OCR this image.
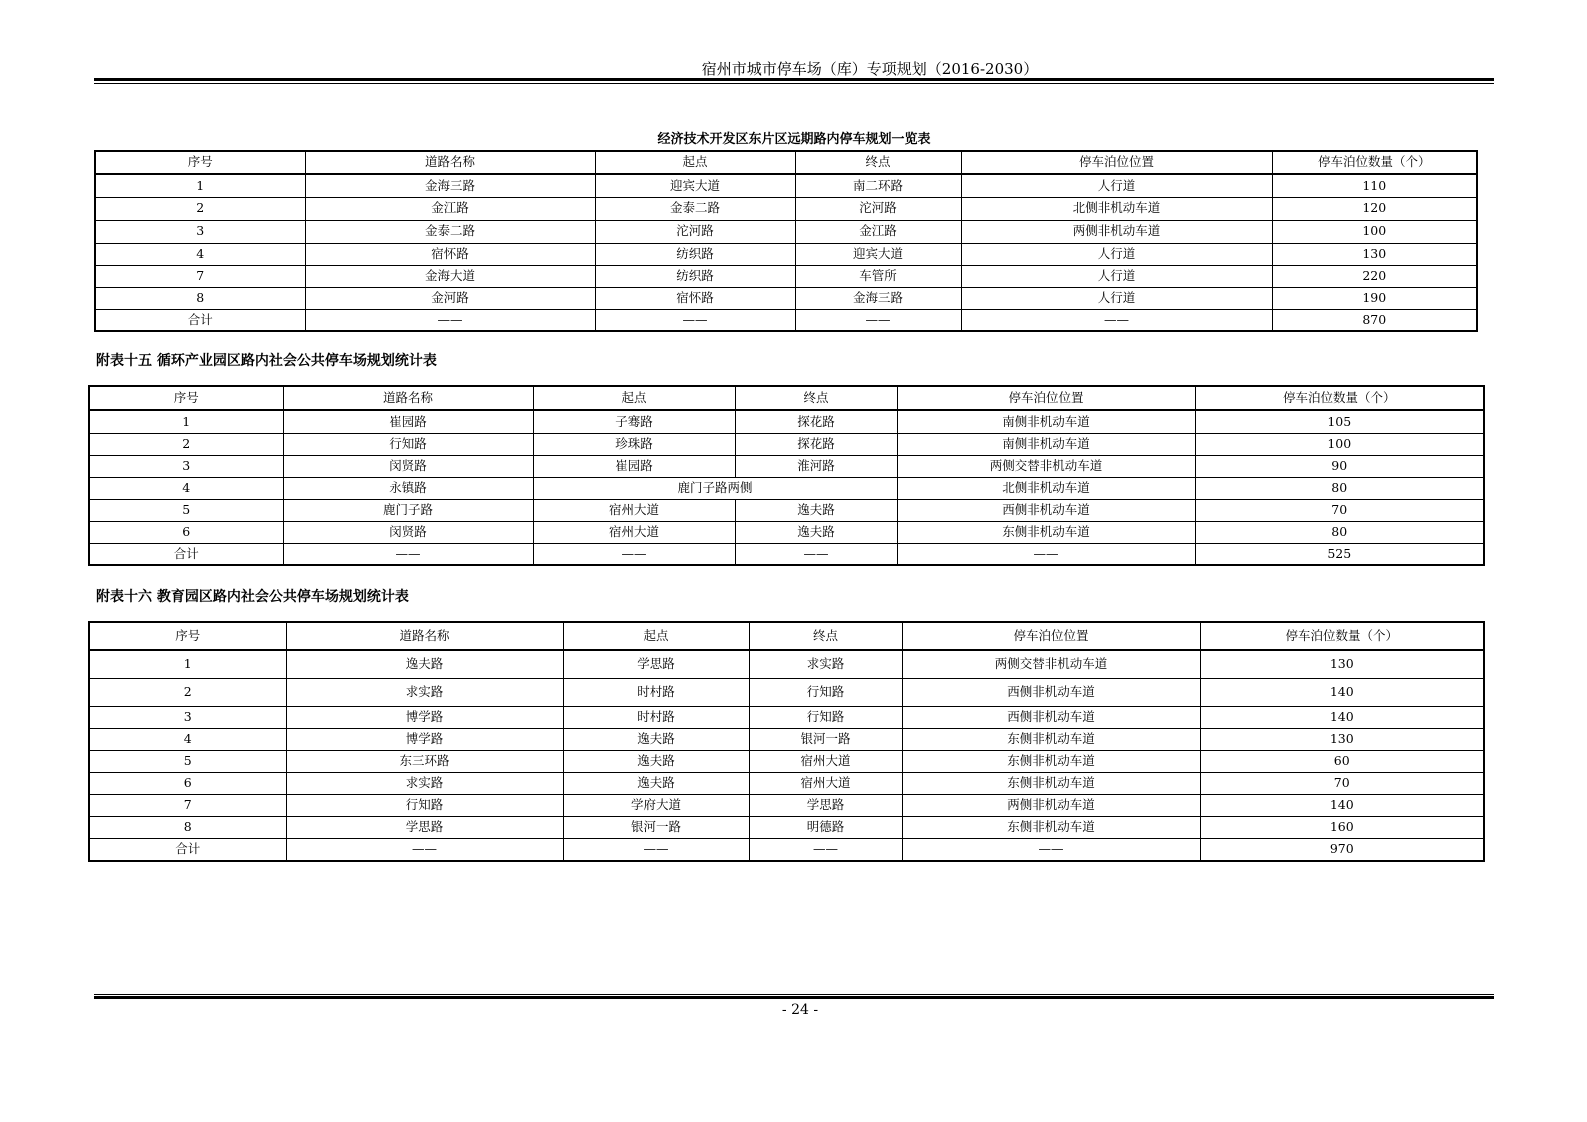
宿州市城市停车场（库）专项规划（2016-2030）
经济技术开发区东片区远期路内停车规划一览表
序号	道路名称	起点	终点	停车泊位位置	停车泊位数量（个）
1	金海三路	迎宾大道	南二环路	人行道	110
2	金江路	金泰二路	沱河路	北侧非机动车道	120
3	金泰二路	沱河路	金江路	两侧非机动车道	100
4	宿怀路	纺织路	迎宾大道	人行道	130
7	金海大道	纺织路	车管所	人行道	220
8	金河路	宿怀路	金海三路	人行道	190
合计	——	——	——	——	870
附表十五 循环产业园区路内社会公共停车场规划统计表
序号	道路名称	起点	终点	停车泊位位置	停车泊位数量（个）
1	崔园路	子骞路	探花路	南侧非机动车道	105
2	行知路	珍珠路	探花路	南侧非机动车道	100
3	闵贤路	崔园路	淮河路	两侧交替非机动车道	90
4	永镇路	鹿门子路两侧		北侧非机动车道	80
5	鹿门子路	宿州大道	逸夫路	西侧非机动车道	70
6	闵贤路	宿州大道	逸夫路	东侧非机动车道	80
合计	——	——	——	——	525
附表十六 教育园区路内社会公共停车场规划统计表
序号	道路名称	起点	终点	停车泊位位置	停车泊位数量（个）
1	逸夫路	学思路	求实路	两侧交替非机动车道	130
2	求实路	时村路	行知路	西侧非机动车道	140
3	博学路	时村路	行知路	西侧非机动车道	140
4	博学路	逸夫路	银河一路	东侧非机动车道	130
5	东三环路	逸夫路	宿州大道	东侧非机动车道	60
6	求实路	逸夫路	宿州大道	东侧非机动车道	70
7	行知路	学府大道	学思路	两侧非机动车道	140
8	学思路	银河一路	明德路	东侧非机动车道	160
合计	——	——	——	——	970
- 24 -
